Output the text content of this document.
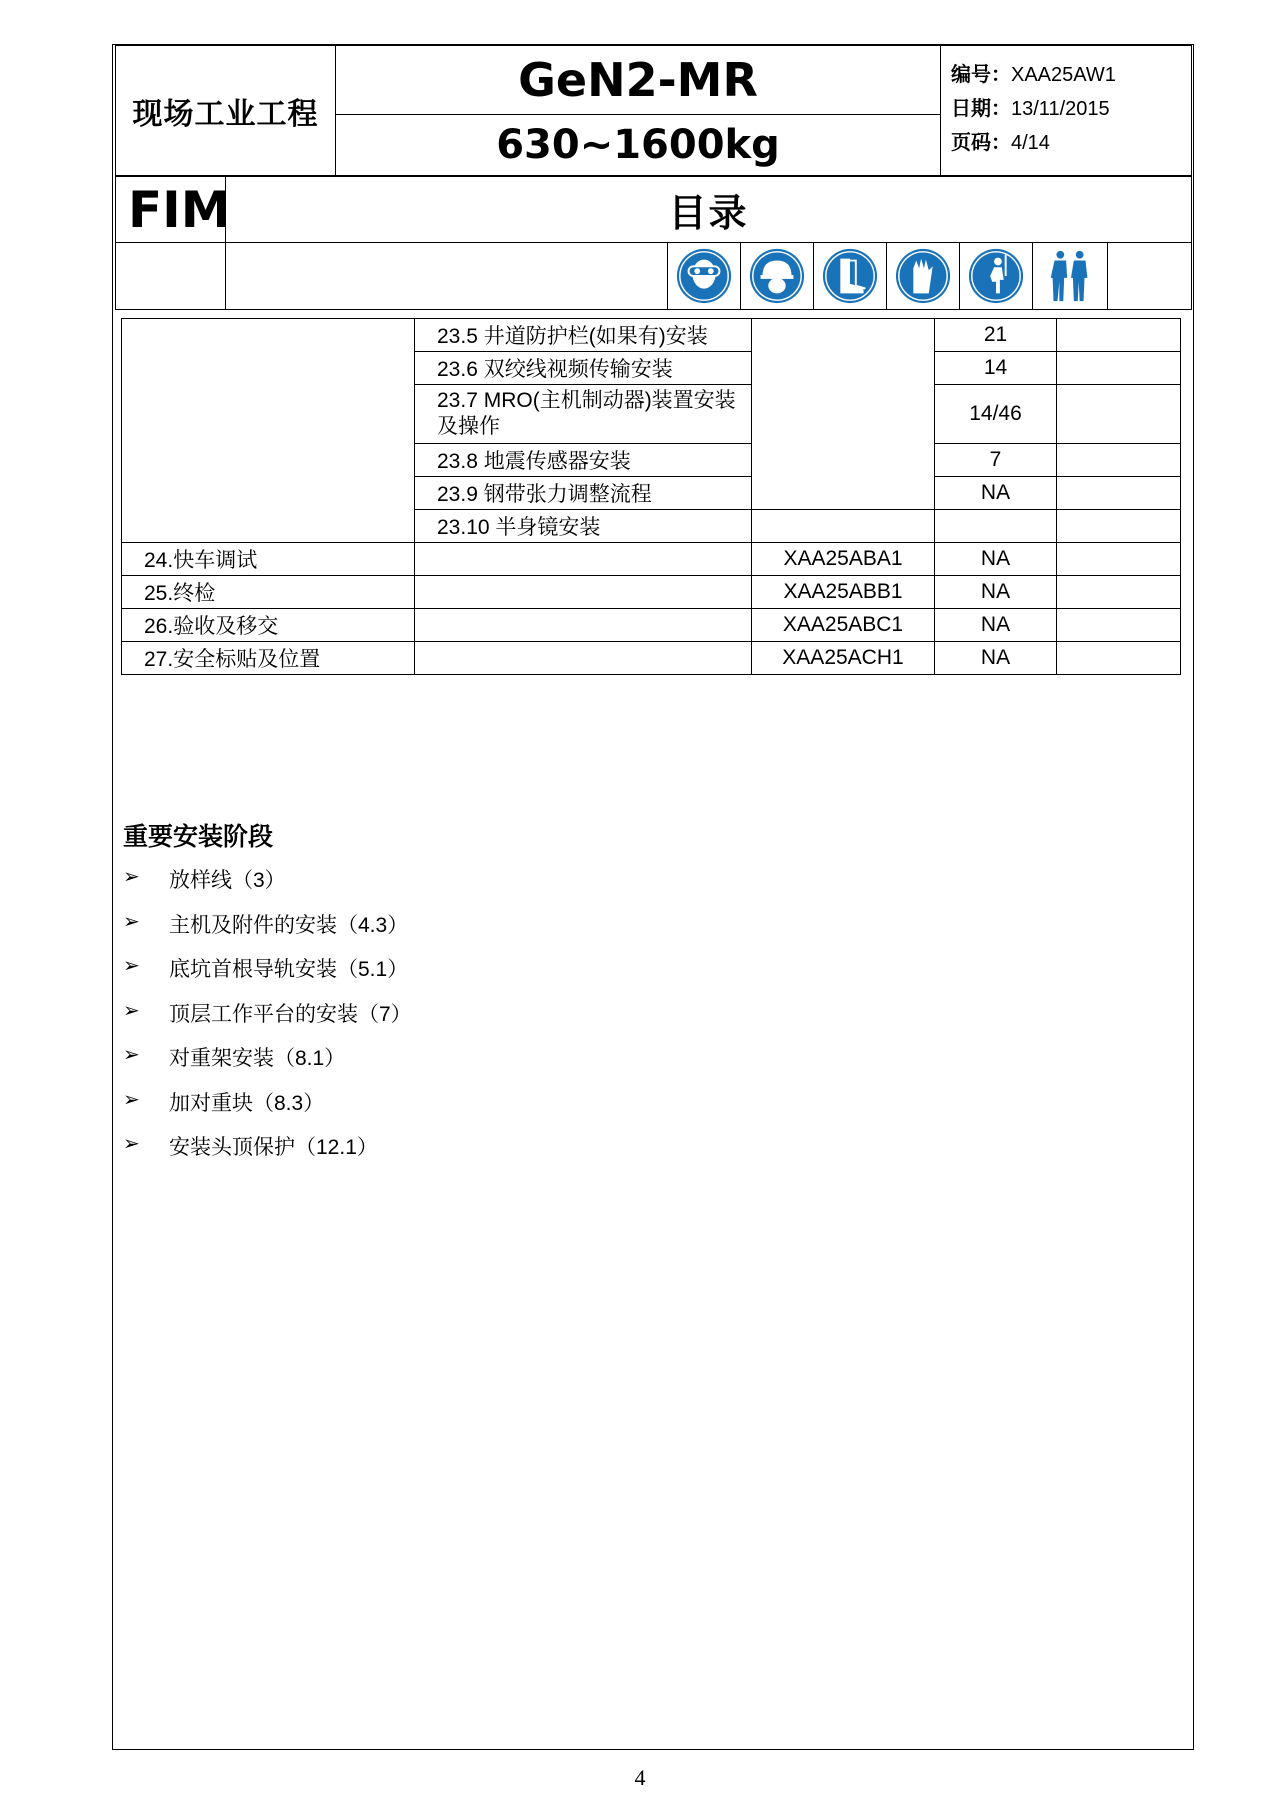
现场工业工程	GeN2-MR	编号：XAA25AW1
日期：13/11/2015
页码：4/14

630~1600kg
FIM	目录

	23.5 井道防护栏(如果有)安装		21	
	23.6 双绞线视频传输安装		14	
	23.7 MRO(主机制动器)装置安装及操作		14/46	
	23.8 地震传感器安装		7	
	23.9 钢带张力调整流程		NA	
	23.10 半身镜安装			
24.快车调试		XAA25ABA1	NA	
25.终检		XAA25ABB1	NA	
26.验收及移交		XAA25ABC1	NA	
27.安全标贴及位置		XAA25ACH1	NA	
重要安装阶段
➢	放样线（3）
➢	主机及附件的安装（4.3）
➢	底坑首根导轨安装（5.1）
➢	顶层工作平台的安装（7）
➢	对重架安装（8.1）
➢	加对重块（8.3）
➢	安装头顶保护（12.1）
4
